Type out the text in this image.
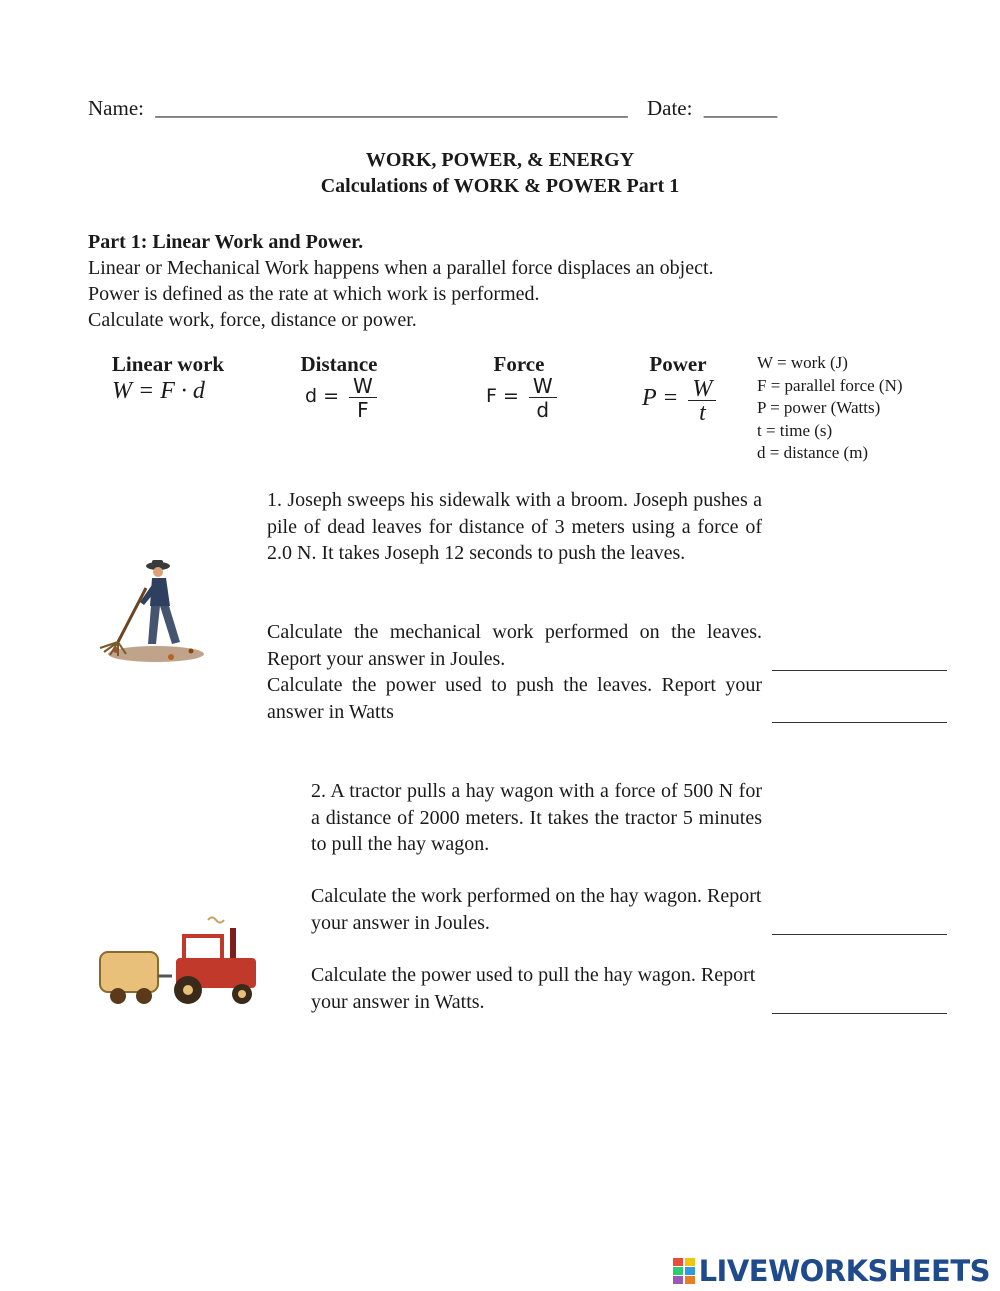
Name: _____________________________________________ Date: _______
WORK, POWER, & ENERGY
Calculations of WORK & POWER Part 1
Part 1: Linear Work and Power.
Linear or Mechanical Work happens when a parallel force displaces an object.
Power is defined as the rate at which work is performed.
Calculate work, force, distance or power.
Linear work
W = F · d
Distance
$d = \frac{W}{F}$
Force
$F = \frac{W}{d}$
Power
$P = \frac{W}{t}$
W = work (J)
F = parallel force (N)
P = power (Watts)
t = time (s)
d = distance (m)
1. Joseph sweeps his sidewalk with a broom. Joseph pushes a pile of dead leaves for distance of 3 meters using a force of 2.0 N. It takes Joseph 12 seconds to push the leaves.
Calculate the mechanical work performed on the leaves. Report your answer in Joules.
Calculate the power used to push the leaves. Report your answer in Watts
2. A tractor pulls a hay wagon with a force of 500 N for a distance of 2000 meters. It takes the tractor 5 minutes to pull the hay wagon.
Calculate the work performed on the hay wagon. Report your answer in Joules.
Calculate the power used to pull the hay wagon. Report your answer in Watts.
LIVEWORKSHEETS
